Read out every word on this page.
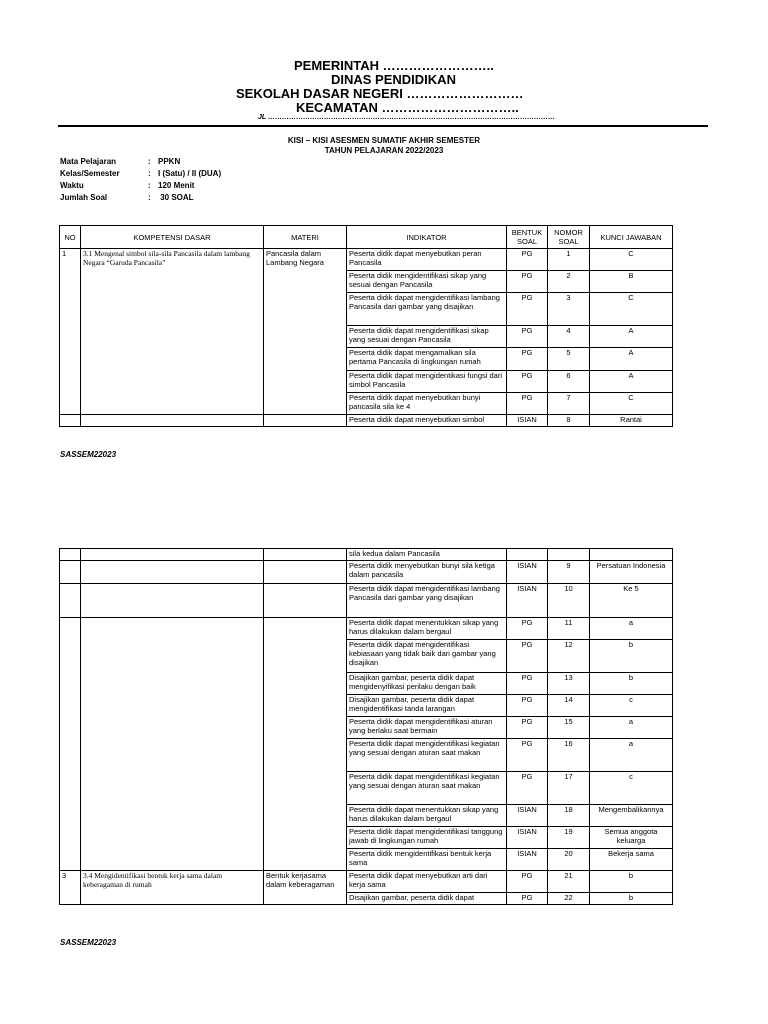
PEMERINTAH ……………………..
DINAS PENDIDIKAN
SEKOLAH DASAR NEGERI ………………………
KECAMATAN …………………………..
JL ……………………………………………………………………………………………………………
KISI – KISI ASESMEN SUMATIF AKHIR SEMESTER
TAHUN PELAJARAN 2022/2023
Mata Pelajaran	: PPKN
Kelas/Semester	: I (Satu) / II (DUA)
Waktu	: 120 Menit
Jumlah Soal	: 30 SOAL
NO	KOMPETENSI DASAR	MATERI	INDIKATOR	BENTUK SOAL	NOMOR SOAL	KUNCI JAWABAN
1	3.1 Mengenal simbol sila-sila Pancasila dalam lambang Negara “Garuda Pancasila”	Pancasila dalam Lambang Negara	Peserta didik dapat menyebutkan peran Pancasila	PG	1	C
			Peserta didik mengidentifikasi sikap yang sesuai dengan Pancasila	PG	2	B
			Peserta didik dapat mengidentifikasi lambang Pancasila dari gambar yang disajikan	PG	3	C
			Peserta didik dapat mengidentifikasi sikap yang sesuai dengan Pancasila	PG	4	A
			Peserta didik dapat mengamalkan sila pertama Pancasila di lingkungan rumah	PG	5	A
			Peserta didik dapat mengidentikasi fungsi dari simbol Pancasila	PG	6	A
			Peserta didik dapat menyebutkan bunyi pancasila sila ke 4	PG	7	C
			Peserta didik dapat menyebutkan simbol	ISIAN	8	Rantai
SASSEM22023
			sila kedua dalam Pancasila			
			Peserta didik menyebutkan bunyi sila ketiga dalam pancasila	ISIAN	9	Persatuan Indonesia
			Peserta didik dapat mengidentifikasi lambang Pancasila dari gambar yang disajikan	ISIAN	10	Ke 5
			Peserta didik dapat menentukkan sikap yang harus dilakukan dalam bergaul	PG	11	a
			Peserta didik dapat mengidentifikasi kebiasaan yang tidak baik dari gambar yang disajikan	PG	12	b
			Disajikan gambar, peserta didik dapat mengidenyifikasi perilaku dengan baik	PG	13	b
			Disajikan gambar, peserta didik dapat mengidentifikasi tanda larangan	PG	14	c
			Peserta didik dapat mengidentifikasi aturan yang berlaku saat bermain	PG	15	a
			Peserta didik dapat mengidentifikasi kegiatan yang sesuai dengan aturan saat makan	PG	16	a
			Peserta didik dapat mengidentifikasi kegiatan yang sesuai dengan aturan saat makan	PG	17	c
			Peserta didik dapat menentukkan sikap yang harus dilakukan dalam bergaul	ISIAN	18	Mengembalikannya
			Peserta didik dapat mengidentifikasi tanggung jawab di lingkungan rumah	ISIAN	19	Semua anggota keluarga
			Peserta didik mengidentifikasi bentuk kerja sama	ISIAN	20	Bekerja sama
3	3.4 Mengidentifikasi bentuk kerja sama dalam keberagaman di rumah	Bentuk kerjasama dalam keberagaman	Peserta didik dapat menyebutkan arti dari kerja sama	PG	21	b
			Disajikan gambar, peserta didik dapat	PG	22	b
SASSEM22023
